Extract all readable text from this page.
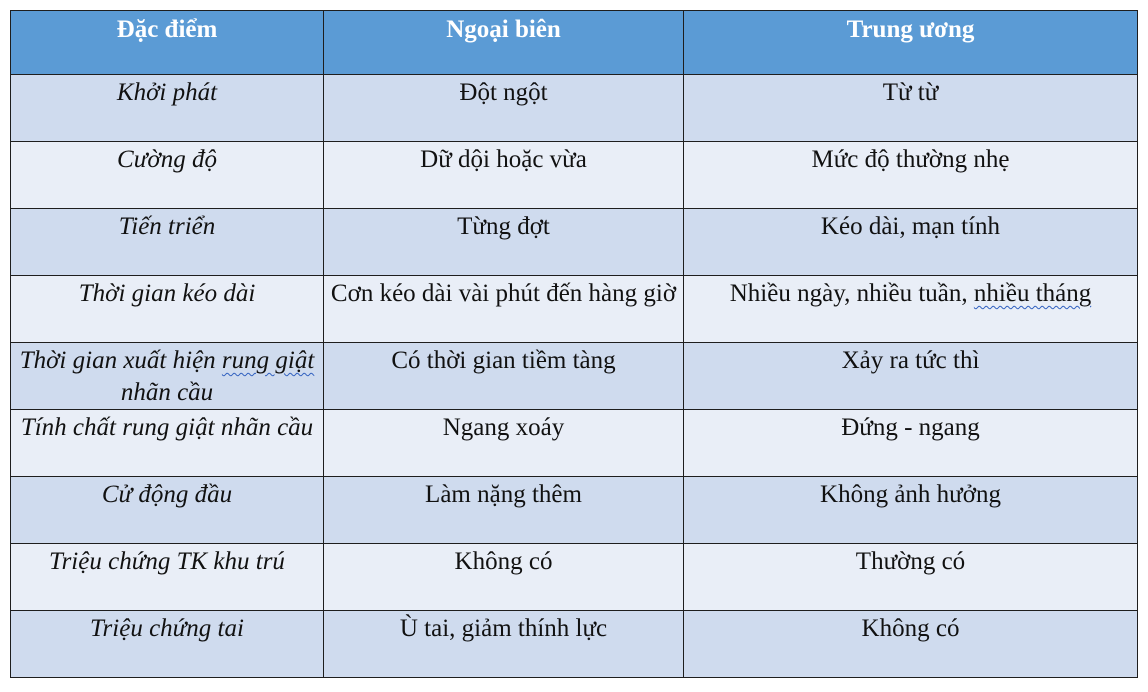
Đặc điểm	Ngoại biên	Trung ương
Khởi phát	Đột ngột	Từ từ
Cường độ	Dữ dội hoặc vừa	Mức độ thường nhẹ
Tiến triển	Từng đợt	Kéo dài, mạn tính
Thời gian kéo dài	Cơn kéo dài vài phút đến hàng giờ	Nhiều ngày, nhiều tuần, nhiều tháng
Thời gian xuất hiện rung giật nhãn cầu	Có thời gian tiềm tàng	Xảy ra tức thì
Tính chất rung giật nhãn cầu	Ngang xoáy	Đứng - ngang
Cử động đầu	Làm nặng thêm	Không ảnh hưởng
Triệu chứng TK khu trú	Không có	Thường có
Triệu chứng tai	Ù tai, giảm thính lực	Không có
